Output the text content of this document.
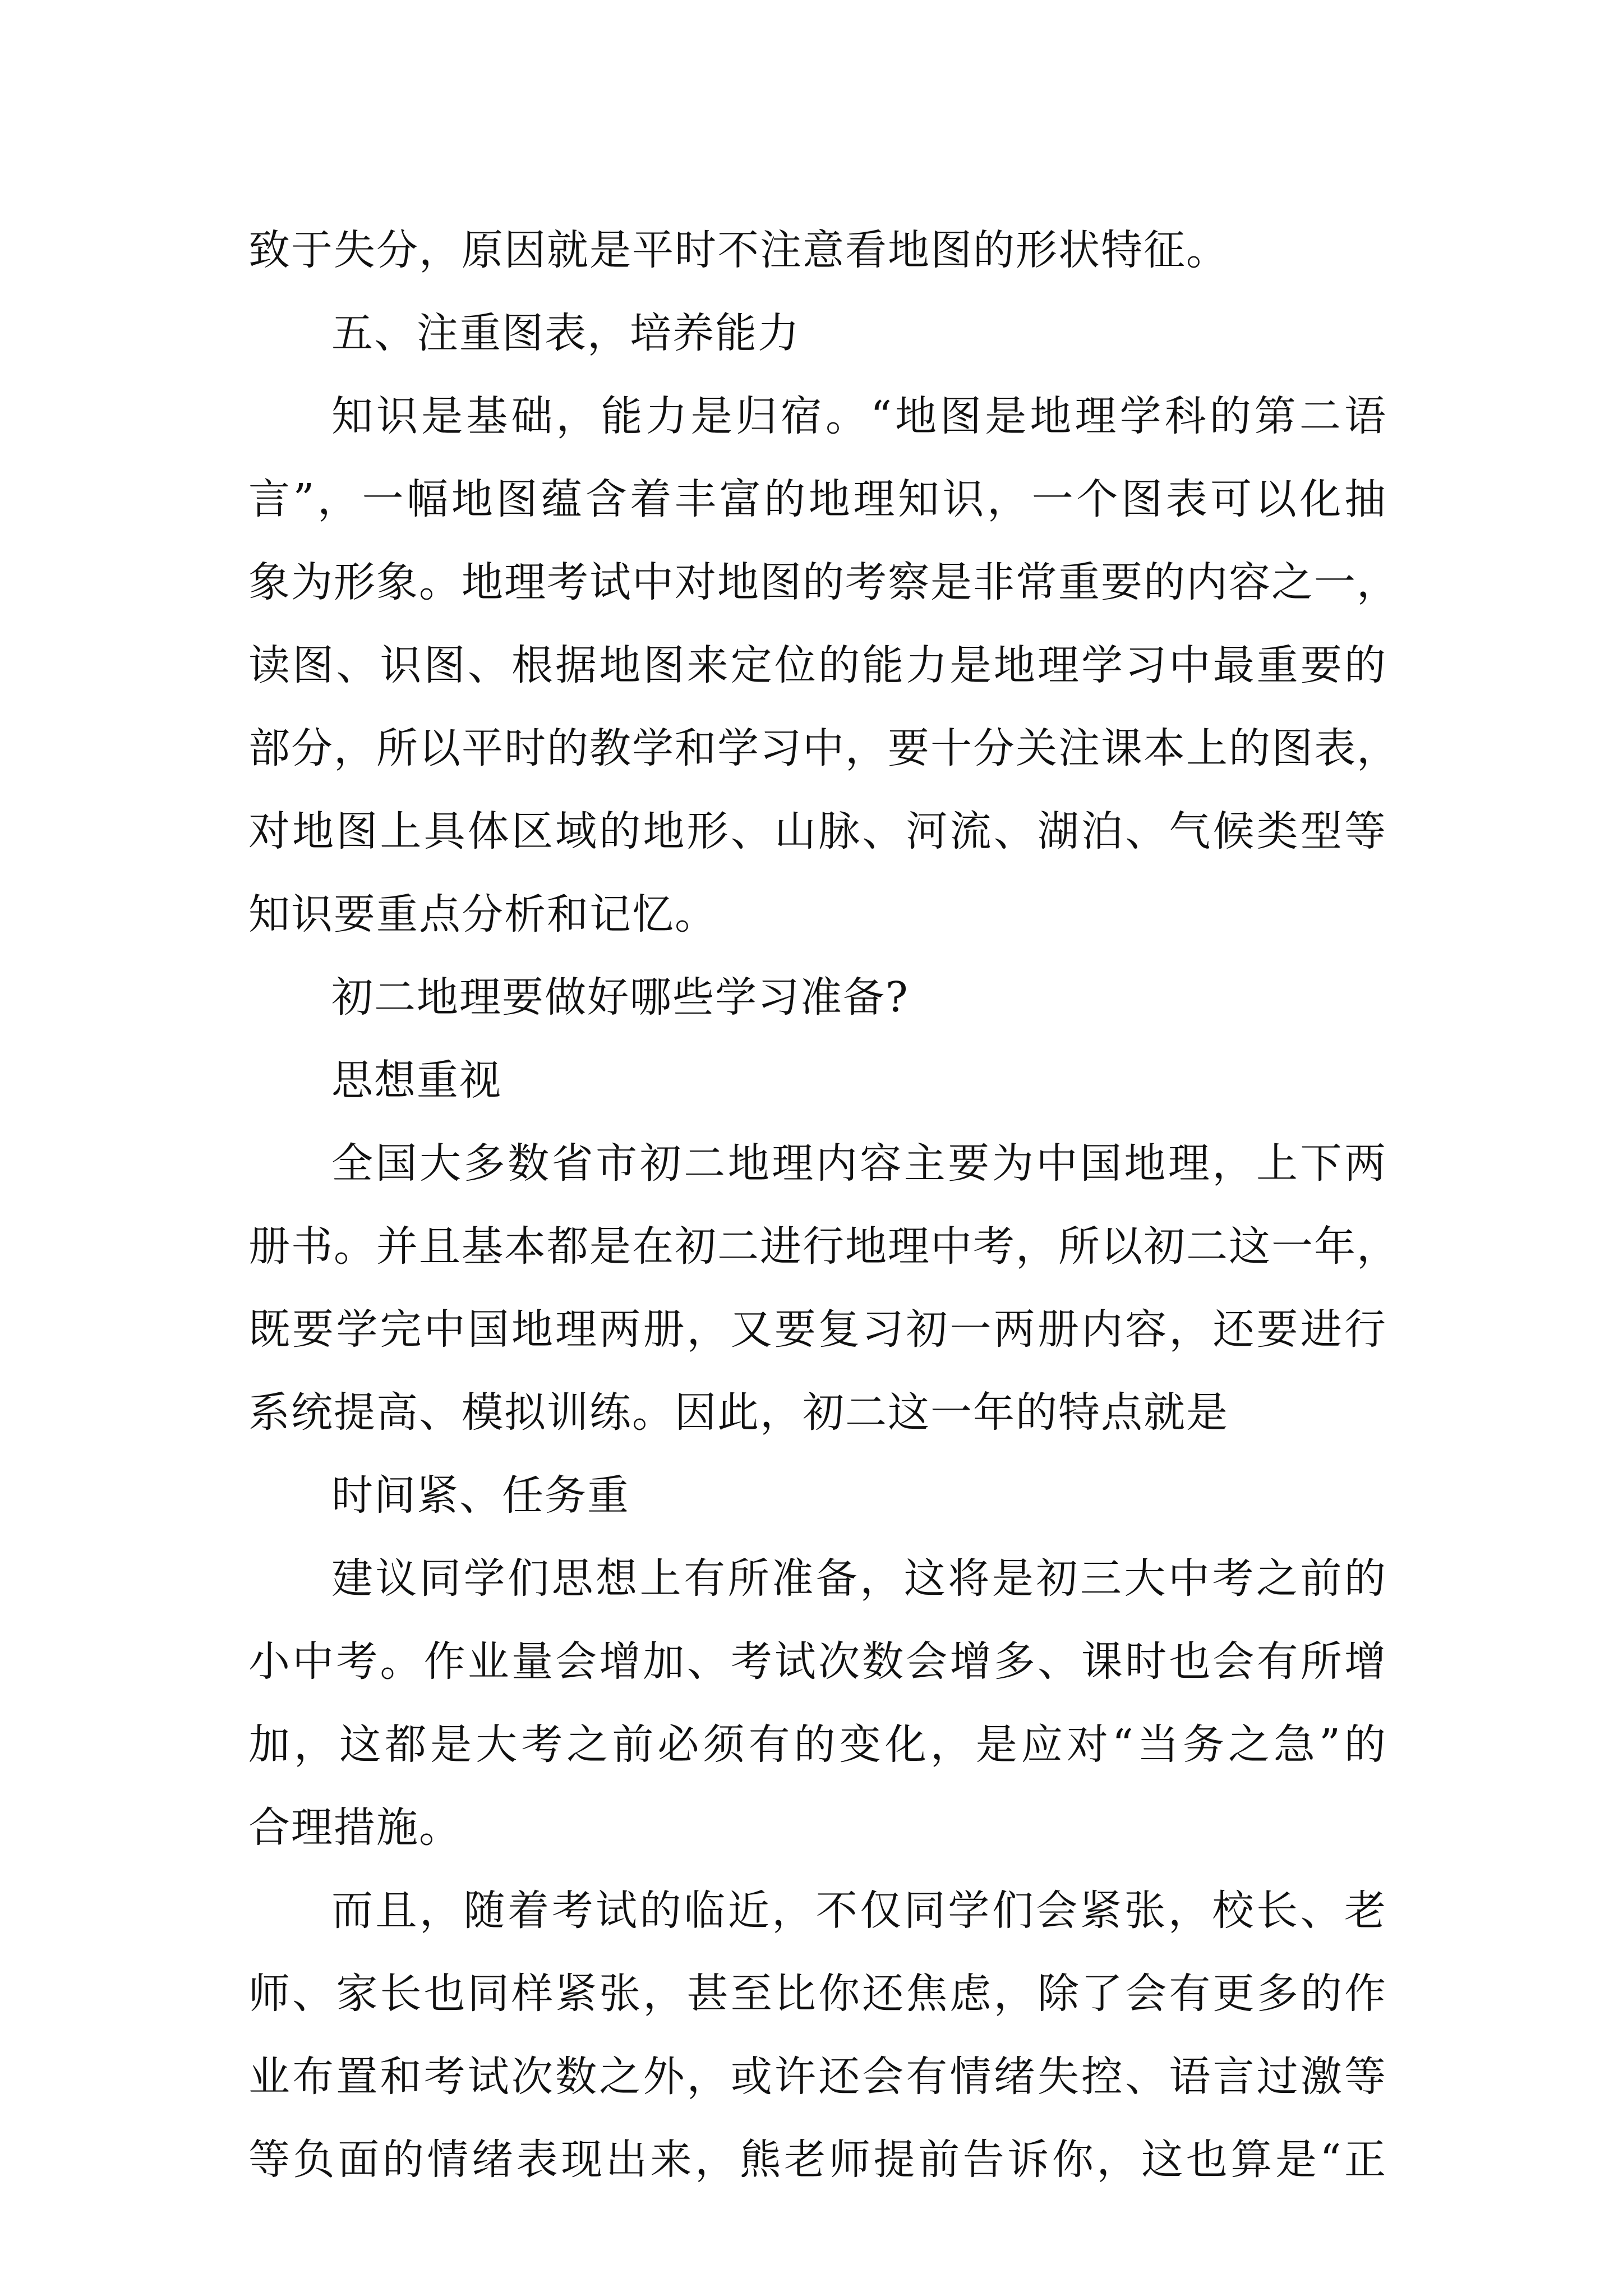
致于失分，原因就是平时不注意看地图的形状特征。
五、注重图表，培养能力
知识是基础，能力是归宿。“地图是地理学科的第二语
言”，一幅地图蕴含着丰富的地理知识，一个图表可以化抽
象为形象。地理考试中对地图的考察是非常重要的内容之一，
读图、识图、根据地图来定位的能力是地理学习中最重要的
部分，所以平时的教学和学习中，要十分关注课本上的图表，
对地图上具体区域的地形、山脉、河流、湖泊、气候类型等
知识要重点分析和记忆。
初二地理要做好哪些学习准备?
思想重视
全国大多数省市初二地理内容主要为中国地理，上下两
册书。并且基本都是在初二进行地理中考，所以初二这一年，
既要学完中国地理两册，又要复习初一两册内容，还要进行
系统提高、模拟训练。因此，初二这一年的特点就是
时间紧、任务重
建议同学们思想上有所准备，这将是初三大中考之前的
小中考。作业量会增加、考试次数会增多、课时也会有所增
加，这都是大考之前必须有的变化，是应对“当务之急”的
合理措施。
而且，随着考试的临近，不仅同学们会紧张，校长、老
师、家长也同样紧张，甚至比你还焦虑，除了会有更多的作
业布置和考试次数之外，或许还会有情绪失控、语言过激等
等负面的情绪表现出来，熊老师提前告诉你，这也算是“正
